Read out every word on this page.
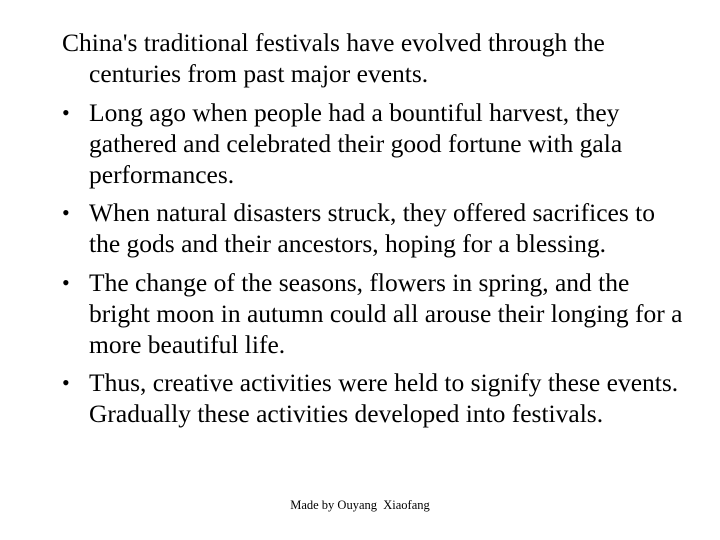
China's traditional festivals have evolved through the centuries from past major events.

• Long ago when people had a bountiful harvest, they gathered and celebrated their good fortune with gala performances.

• When natural disasters struck, they offered sacrifices to the gods and their ancestors, hoping for a blessing.

• The change of the seasons, flowers in spring, and the bright moon in autumn could all arouse their longing for a more beautiful life.

• Thus, creative activities were held to signify these events. Gradually these activities developed into festivals.

Made by Ouyang  Xiaofang
